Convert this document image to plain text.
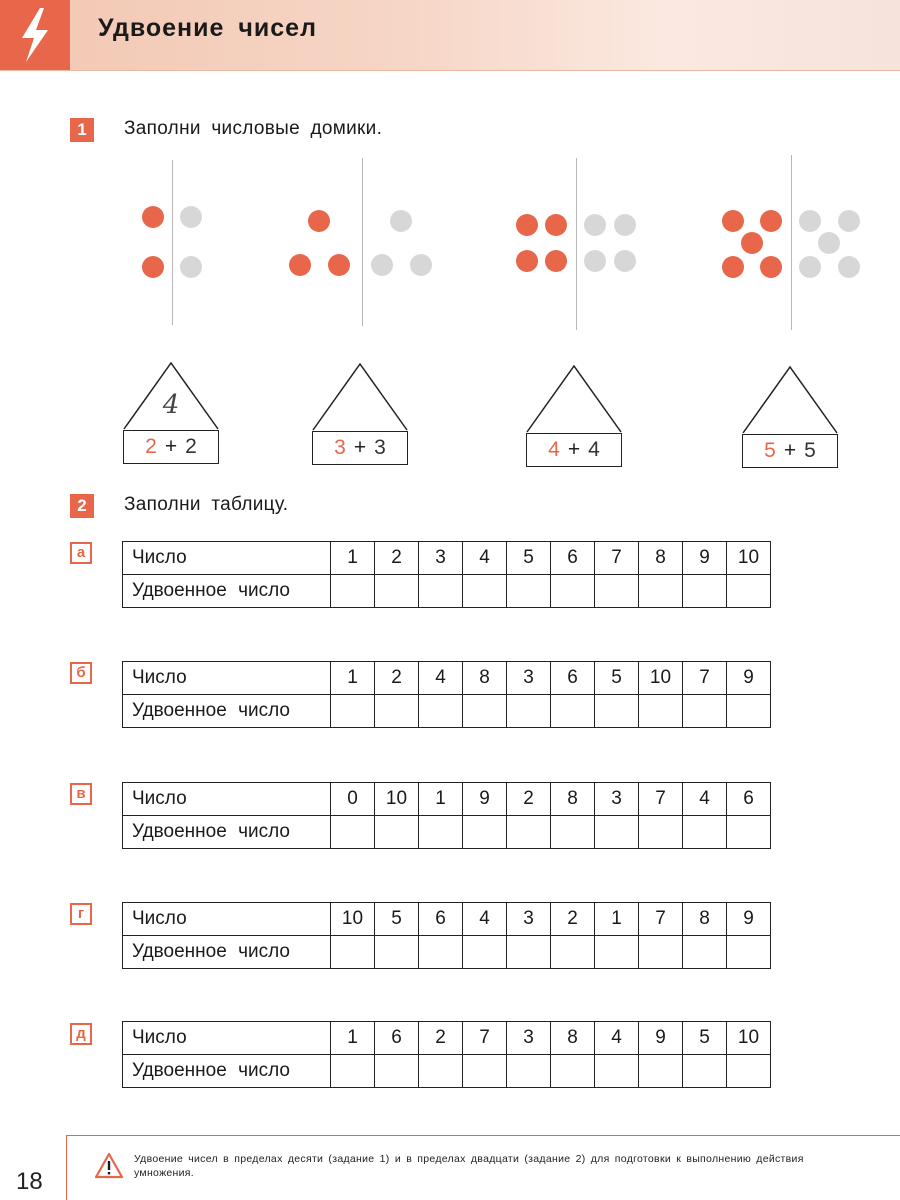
Удвоение чисел
1	Заполни числовые домики.
4
2 + 2	3 + 3	4 + 4	5 + 5
2	Заполни таблицу.
а	Число	1	2	3	4	5	6	7	8	9	10
Удвоенное число										
б	Число	1	2	4	8	3	6	5	10	7	9
Удвоенное число										
в	Число	0	10	1	9	2	8	3	7	4	6
Удвоенное число										
г	Число	10	5	6	4	3	2	1	7	8	9
Удвоенное число										
д	Число	1	6	2	7	3	8	4	9	5	10
Удвоенное число										
18
Удвоение чисел в пределах десяти (задание 1) и в пределах двадцати (задание 2) для подготовки к выполнению действия умножения.
